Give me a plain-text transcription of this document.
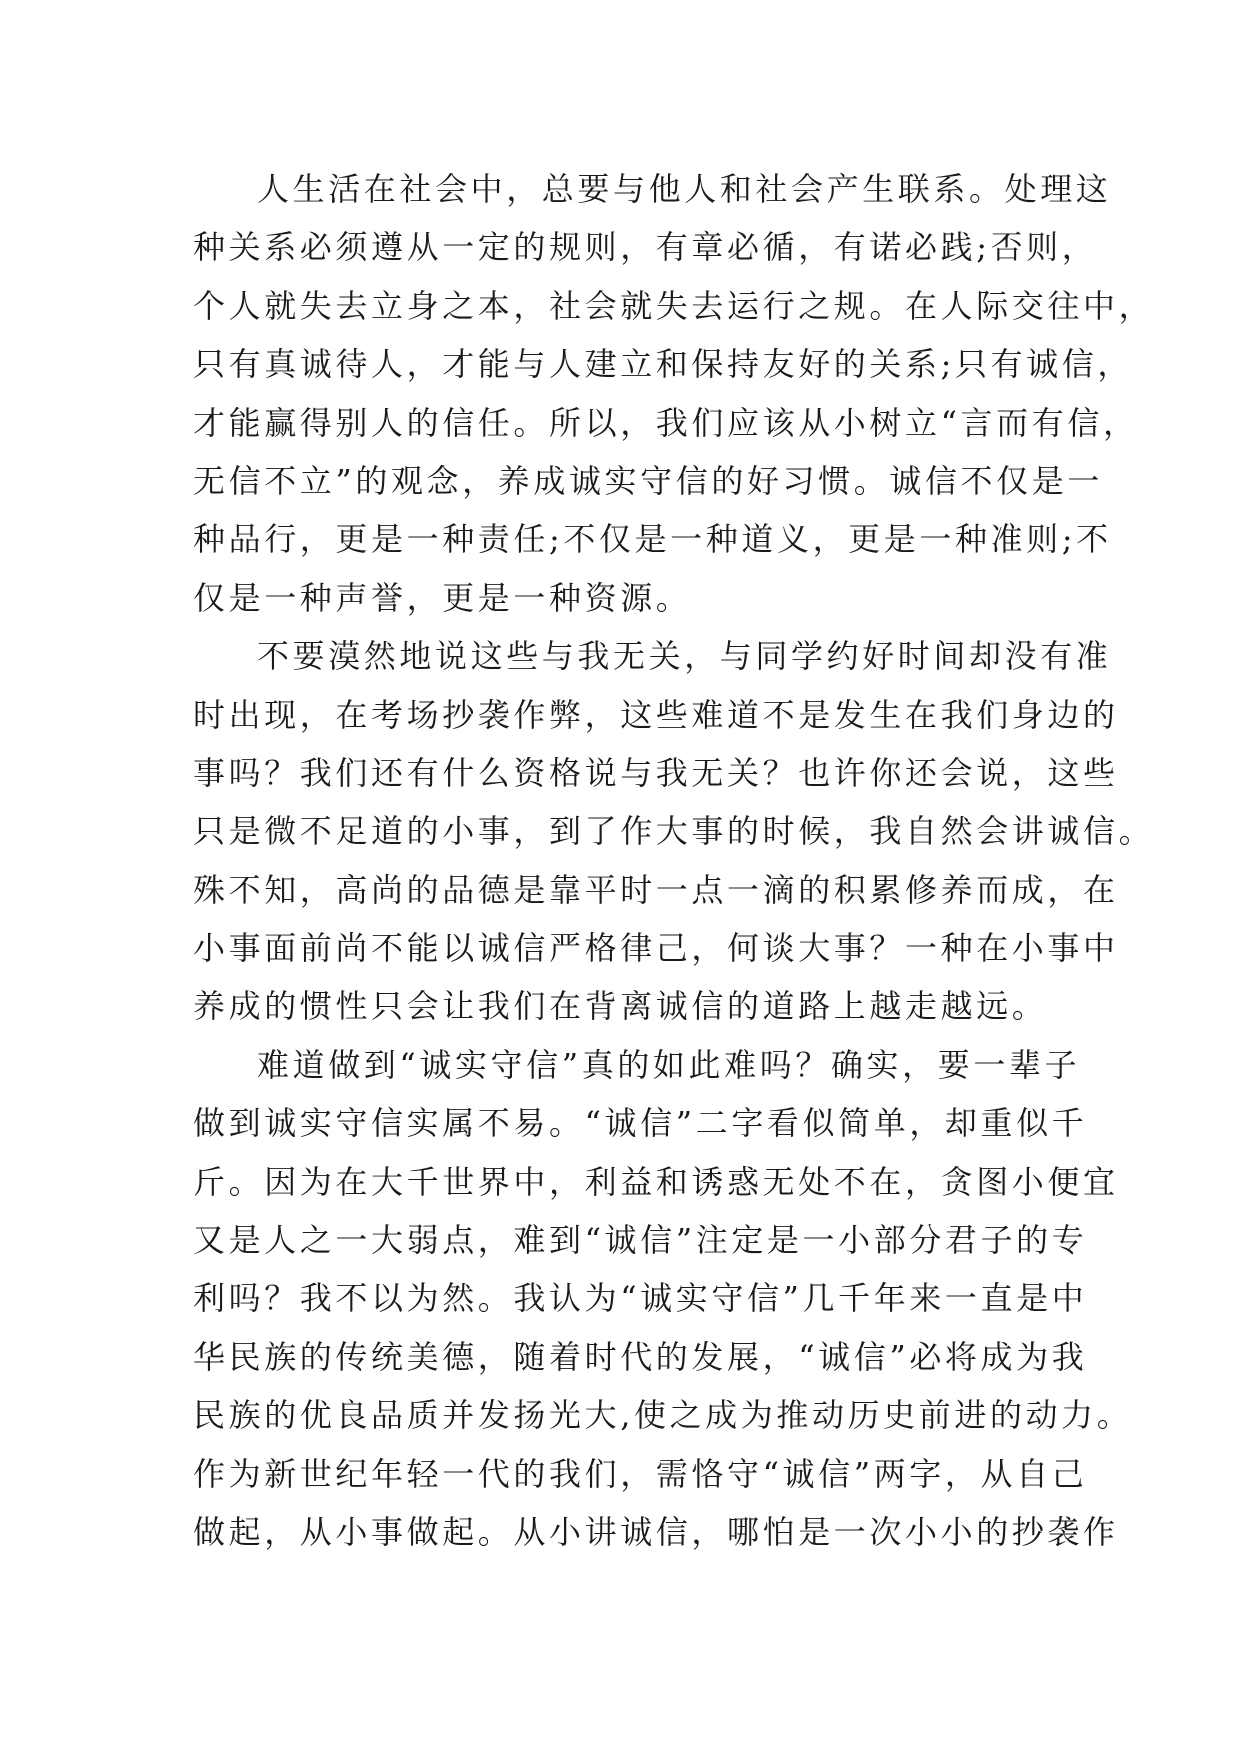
人生活在社会中，总要与他人和社会产生联系。处理这
种关系必须遵从一定的规则，有章必循，有诺必践;否则，
个人就失去立身之本，社会就失去运行之规。在人际交往中，
只有真诚待人，才能与人建立和保持友好的关系;只有诚信，
才能赢得别人的信任。所以，我们应该从小树立“言而有信，
无信不立”的观念，养成诚实守信的好习惯。诚信不仅是一
种品行，更是一种责任;不仅是一种道义，更是一种准则;不
仅是一种声誉，更是一种资源。
不要漠然地说这些与我无关，与同学约好时间却没有准
时出现，在考场抄袭作弊，这些难道不是发生在我们身边的
事吗？我们还有什么资格说与我无关？也许你还会说，这些
只是微不足道的小事，到了作大事的时候，我自然会讲诚信。
殊不知，高尚的品德是靠平时一点一滴的积累修养而成，在
小事面前尚不能以诚信严格律己，何谈大事？一种在小事中
养成的惯性只会让我们在背离诚信的道路上越走越远。
难道做到“诚实守信”真的如此难吗？确实，要一辈子
做到诚实守信实属不易。“诚信”二字看似简单，却重似千
斤。因为在大千世界中，利益和诱惑无处不在，贪图小便宜
又是人之一大弱点，难到“诚信”注定是一小部分君子的专
利吗？我不以为然。我认为“诚实守信”几千年来一直是中
华民族的传统美德，随着时代的发展，“诚信”必将成为我
民族的优良品质并发扬光大,使之成为推动历史前进的动力。
作为新世纪年轻一代的我们，需恪守“诚信”两字，从自己
做起，从小事做起。从小讲诚信，哪怕是一次小小的抄袭作
